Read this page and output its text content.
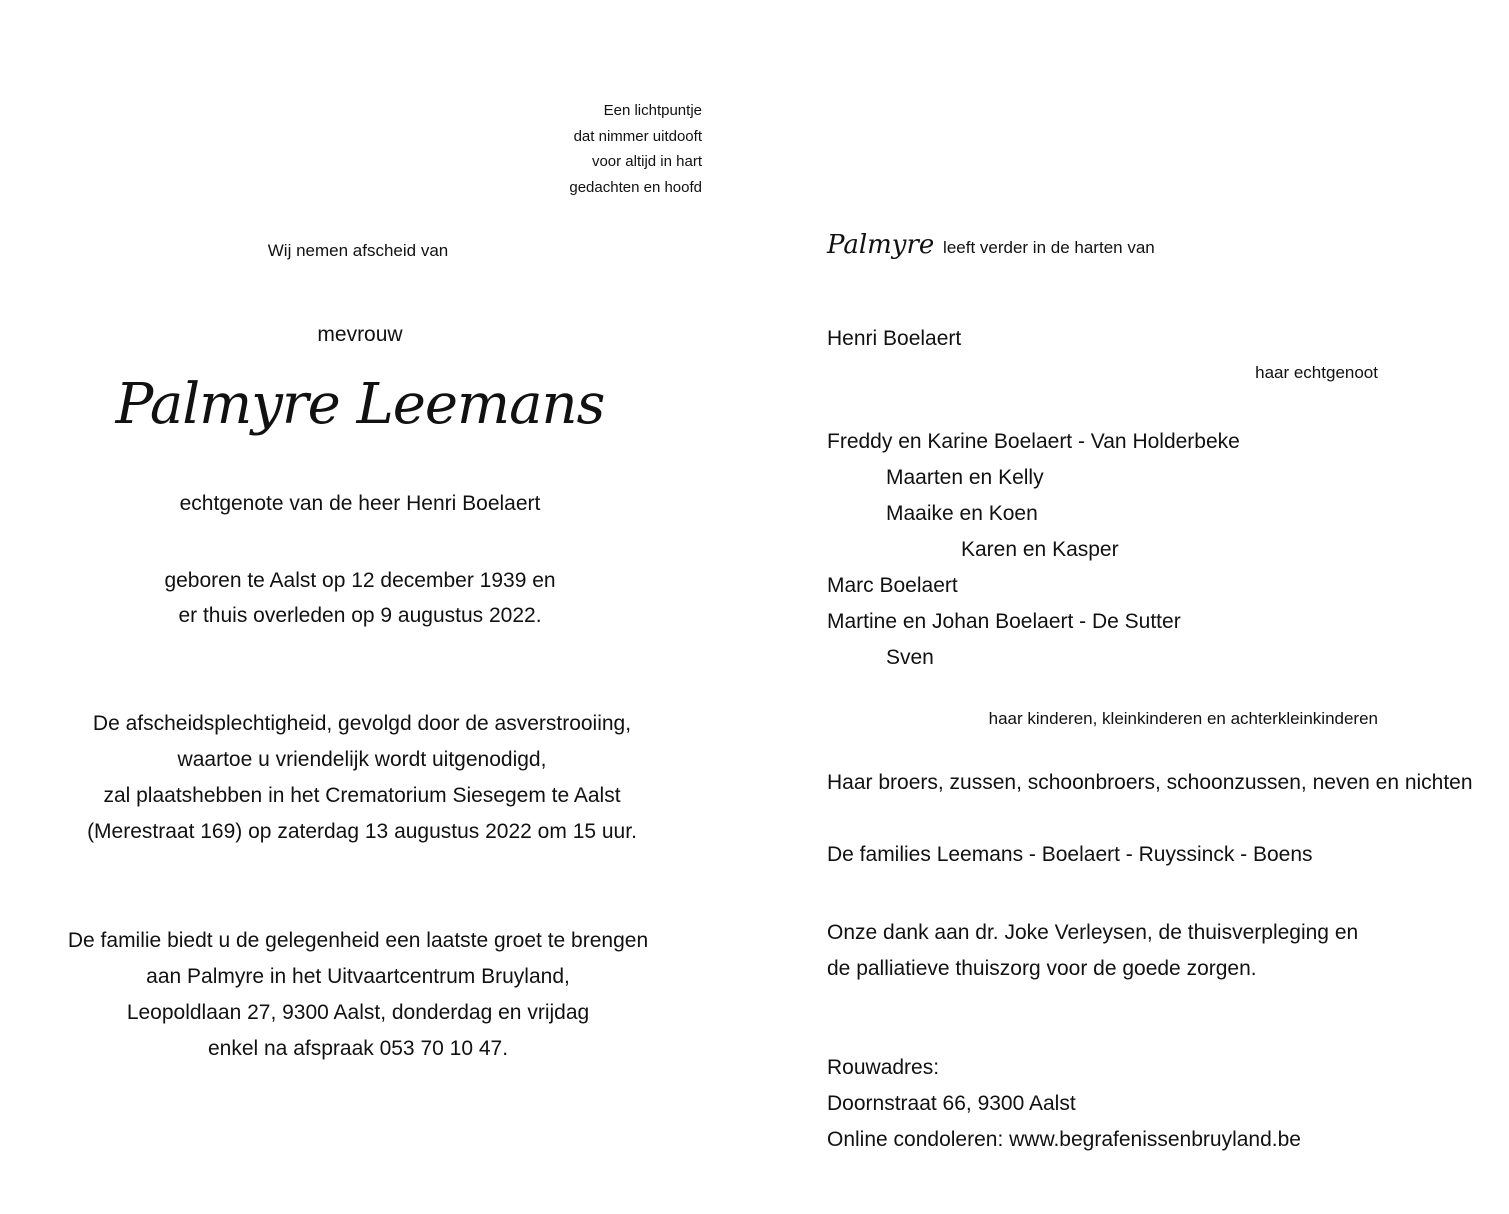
Een lichtpuntje
dat nimmer uitdooft
voor altijd in hart
gedachten en hoofd
Wij nemen afscheid van
mevrouw
Palmyre Leemans
echtgenote van de heer Henri Boelaert
geboren te Aalst op 12 december 1939 en
er thuis overleden op 9 augustus 2022.
De afscheidsplechtigheid, gevolgd door de asverstrooiing,
waartoe u vriendelijk wordt uitgenodigd,
zal plaatshebben in het Crematorium Siesegem te Aalst
(Merestraat 169) op zaterdag 13 augustus 2022 om 15 uur.
De familie biedt u de gelegenheid een laatste groet te brengen
aan Palmyre in het Uitvaartcentrum Bruyland,
Leopoldlaan 27, 9300 Aalst, donderdag en vrijdag
enkel na afspraak 053 70 10 47.
Palmyre leeft verder in de harten van
Henri Boelaert
haar echtgenoot
Freddy en Karine Boelaert - Van Holderbeke
Maarten en Kelly
Maaike en Koen
Karen en Kasper
Marc Boelaert
Martine en Johan Boelaert - De Sutter
Sven
haar kinderen, kleinkinderen en achterkleinkinderen
Haar broers, zussen, schoonbroers, schoonzussen, neven en nichten
De families Leemans - Boelaert - Ruyssinck - Boens
Onze dank aan dr. Joke Verleysen, de thuisverpleging en
de palliatieve thuiszorg voor de goede zorgen.
Rouwadres:
Doornstraat 66, 9300 Aalst
Online condoleren: www.begrafenissenbruyland.be
